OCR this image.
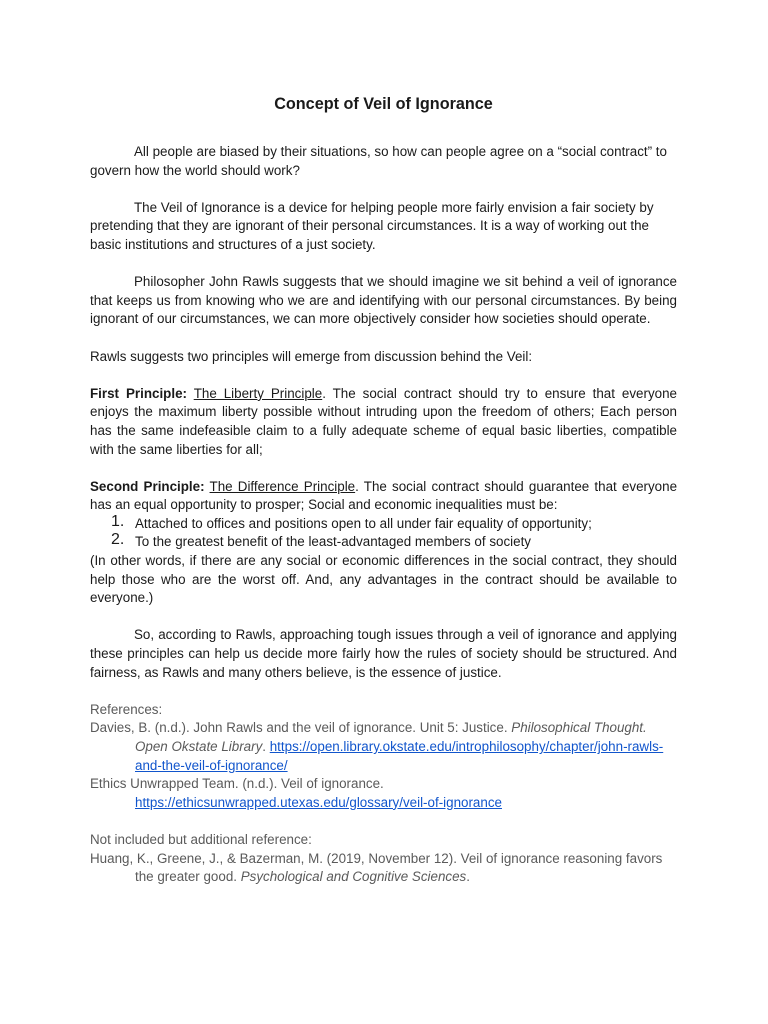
Concept of Veil of Ignorance

All people are biased by their situations, so how can people agree on a “social contract” to govern how the world should work?

The Veil of Ignorance is a device for helping people more fairly envision a fair society by pretending that they are ignorant of their personal circumstances. It is a way of working out the basic institutions and structures of a just society.

Philosopher John Rawls suggests that we should imagine we sit behind a veil of ignorance that keeps us from knowing who we are and identifying with our personal circumstances. By being ignorant of our circumstances, we can more objectively consider how societies should operate.

Rawls suggests two principles will emerge from discussion behind the Veil:

First Principle: The Liberty Principle. The social contract should try to ensure that everyone enjoys the maximum liberty possible without intruding upon the freedom of others; Each person has the same indefeasible claim to a fully adequate scheme of equal basic liberties, compatible with the same liberties for all;

Second Principle: The Difference Principle. The social contract should guarantee that everyone has an equal opportunity to prosper; Social and economic inequalities must be:

1. Attached to offices and positions open to all under fair equality of opportunity;
2. To the greatest benefit of the least-advantaged members of society

(In other words, if there are any social or economic differences in the social contract, they should help those who are the worst off. And, any advantages in the contract should be available to everyone.)

So, according to Rawls, approaching tough issues through a veil of ignorance and applying these principles can help us decide more fairly how the rules of society should be structured. And fairness, as Rawls and many others believe, is the essence of justice.

References:

Davies, B. (n.d.). John Rawls and the veil of ignorance. Unit 5: Justice. Philosophical Thought. Open Okstate Library. https://open.library.okstate.edu/introphilosophy/chapter/john-rawls-and-the-veil-of-ignorance/

Ethics Unwrapped Team. (n.d.). Veil of ignorance.
https://ethicsunwrapped.utexas.edu/glossary/veil-of-ignorance

Not included but additional reference:

Huang, K., Greene, J., & Bazerman, M. (2019, November 12). Veil of ignorance reasoning favors the greater good. Psychological and Cognitive Sciences.
